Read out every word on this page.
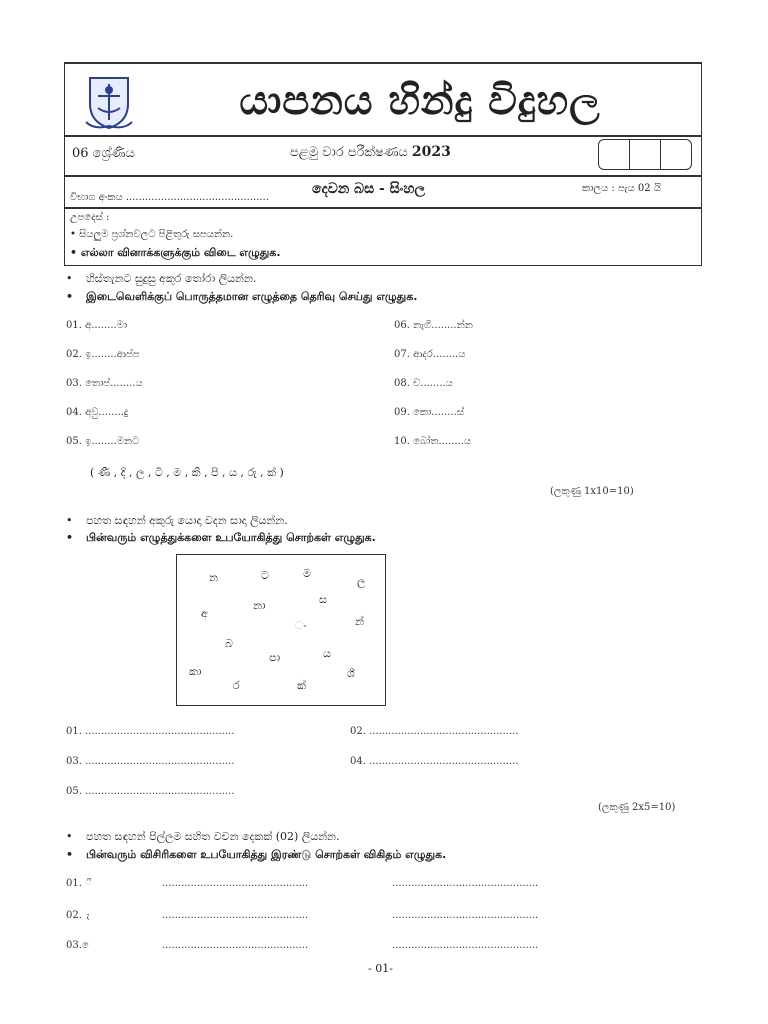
යාපනය හින්දු විදුහල
06 ශ්‍රේණිය	පළමු වාර පරීක්ෂණය 2023
විභාග අංකය .............................................
දෙවන බස - සිංහල	කාලය : පැය 02 යි
උපදෙස් :
• සියලුම ප්‍රශ්නවලට පිළිතුරු සපයන්න.
• எல்லா வினாக்களுக்கும் விடை எழுதுக.
• හිස්තැනට සුදුසු අකුර තෝරා ලියන්න.
• இடைவெளிக்குப் பொருத்தமான எழுத்தை தெரிவு செய்து எழுதுக.
01. අ........මා
02. ඉ........ආප්ප
03. තොප්........ය
04. අවු........දු
05. ඉ........මනට
06. නැගි........න්න
07. ආදර........ය
08. ච........ය
09. කො........ස්
10. බෝත........ය
( ණී , දි , ල , ටි , ම , කි , පි , ය , රු , ක් )
(ලකුණු 1x10=10)
• පහත සඳහන් අකුරු යොදා වදන සාදා ලියන්න.
• பின்வரும் எழுத்துக்களை உபயோகித்து சொற்கள் எழுதுக.
න	ට	ම
ල
අ
නා	ස
ං	න්
බ
පා	ය
කා
ර	ක්
ශී
01. ...............................................	02. ...............................................
03. ...............................................	04. ...............................................
05. ...............................................
(ලකුණු 2x5=10)
• පහත සඳහන් පිල්ලම සහිත වචන දෙකක් (02) ලියන්න.
• பின்வரும் விசிரிகளை உபயோகித்து இரண்டு சொற்கள் விகிதம் எழுதுக.
01. ී	..............................................	..............................................
02.	..............................................	..............................................
03.	..............................................	..............................................
- 01-
